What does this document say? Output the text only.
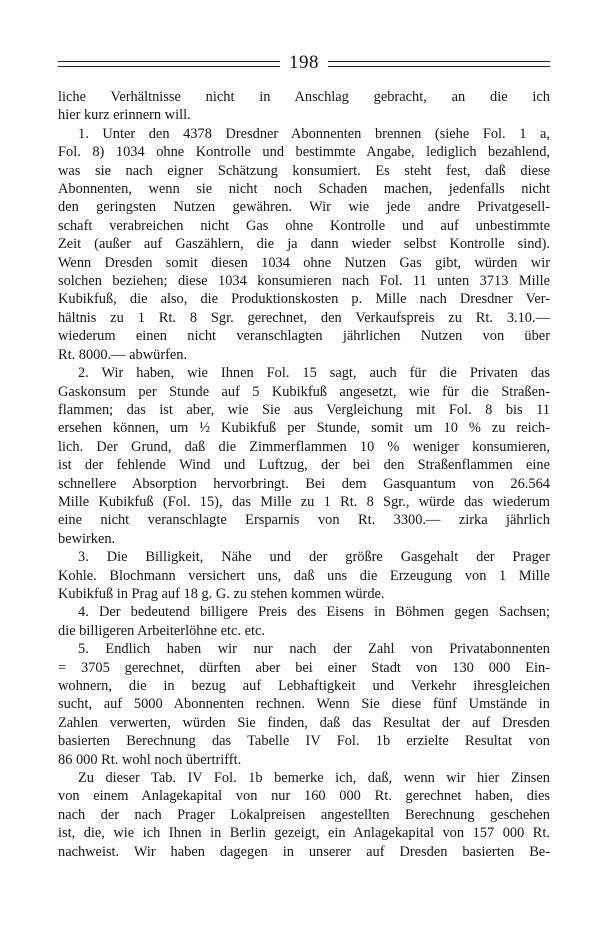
198
liche Verhältnisse nicht in Anschlag gebracht, an die ich
hier kurz erinnern will.
1. Unter den 4378 Dresdner Abonnenten brennen (siehe Fol. 1 a,
Fol. 8) 1034 ohne Kontrolle und bestimmte Angabe, lediglich bezahlend,
was sie nach eigner Schätzung konsumiert. Es steht fest, daß diese
Abonnenten, wenn sie nicht noch Schaden machen, jedenfalls nicht
den geringsten Nutzen gewähren. Wir wie jede andre Privatgesell-
schaft verabreichen nicht Gas ohne Kontrolle und auf unbestimmte
Zeit (außer auf Gaszählern, die ja dann wieder selbst Kontrolle sind).
Wenn Dresden somit diesen 1034 ohne Nutzen Gas gibt, würden wir
solchen beziehen; diese 1034 konsumieren nach Fol. 11 unten 3713 Mille
Kubikfuß, die also, die Produktionskosten p. Mille nach Dresdner Ver-
hältnis zu 1 Rt. 8 Sgr. gerechnet, den Verkaufspreis zu Rt. 3.10.—
wiederum einen nicht veranschlagten jährlichen Nutzen von über
Rt. 8000.— abwürfen.
2. Wir haben, wie Ihnen Fol. 15 sagt, auch für die Privaten das
Gaskonsum per Stunde auf 5 Kubikfuß angesetzt, wie für die Straßen-
flammen; das ist aber, wie Sie aus Vergleichung mit Fol. 8 bis 11
ersehen können, um ½ Kubikfuß per Stunde, somit um 10 % zu reich-
lich. Der Grund, daß die Zimmerflammen 10 % weniger konsumieren,
ist der fehlende Wind und Luftzug, der bei den Straßenflammen eine
schnellere Absorption hervorbringt. Bei dem Gasquantum von 26.564
Mille Kubikfuß (Fol. 15), das Mille zu 1 Rt. 8 Sgr., würde das wiederum
eine nicht veranschlagte Ersparnis von Rt. 3300.— zirka jährlich
bewirken.
3. Die Billigkeit, Nähe und der größre Gasgehalt der Prager
Kohle. Blochmann versichert uns, daß uns die Erzeugung von 1 Mille
Kubikfuß in Prag auf 18 g. G. zu stehen kommen würde.
4. Der bedeutend billigere Preis des Eisens in Böhmen gegen Sachsen;
die billigeren Arbeiterlöhne etc. etc.
5. Endlich haben wir nur nach der Zahl von Privatabonnenten
= 3705 gerechnet, dürften aber bei einer Stadt von 130 000 Ein-
wohnern, die in bezug auf Lebhaftigkeit und Verkehr ihresgleichen
sucht, auf 5000 Abonnenten rechnen. Wenn Sie diese fünf Umstände in
Zahlen verwerten, würden Sie finden, daß das Resultat der auf Dresden
basierten Berechnung das Tabelle IV Fol. 1b erzielte Resultat von
86 000 Rt. wohl noch übertrifft.
Zu dieser Tab. IV Fol. 1b bemerke ich, daß, wenn wir hier Zinsen
von einem Anlagekapital von nur 160 000 Rt. gerechnet haben, dies
nach der nach Prager Lokalpreisen angestellten Berechnung geschehen
ist, die, wie ich Ihnen in Berlin gezeigt, ein Anlagekapital von 157 000 Rt.
nachweist. Wir haben dagegen in unserer auf Dresden basierten Be-
